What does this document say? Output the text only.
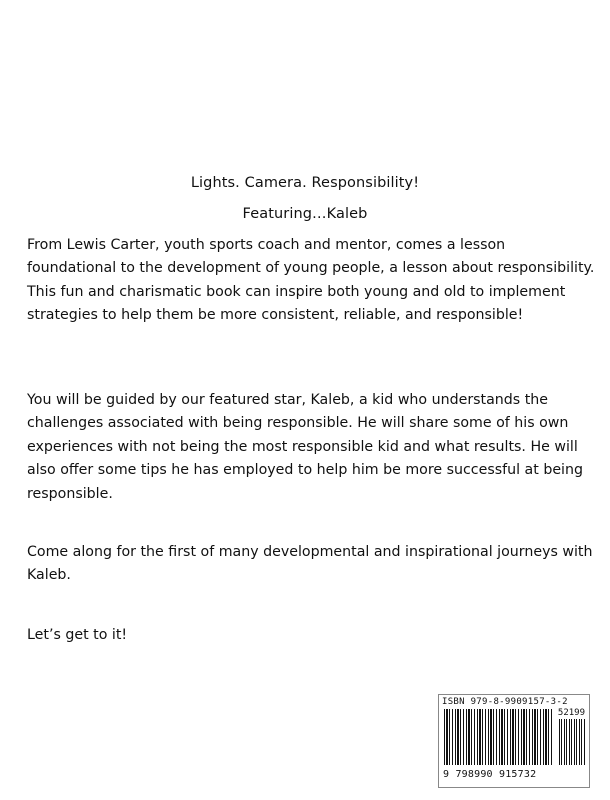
Lights. Camera. Responsibility!
Featuring…Kaleb

From Lewis Carter, youth sports coach and mentor, comes a lesson foundational to the development of young people, a lesson about responsibility. This fun and charismatic book can inspire both young and old to implement strategies to help them be more consistent, reliable, and responsible!

You will be guided by our featured star, Kaleb, a kid who understands the challenges associated with being responsible. He will share some of his own experiences with not being the most responsible kid and what results. He will also offer some tips he has employed to help him be more successful at being responsible.

Come along for the first of many developmental and inspirational journeys with Kaleb.

Let’s get to it!

ISBN 979-8-9909157-3-2
52199
9 798990 915732
